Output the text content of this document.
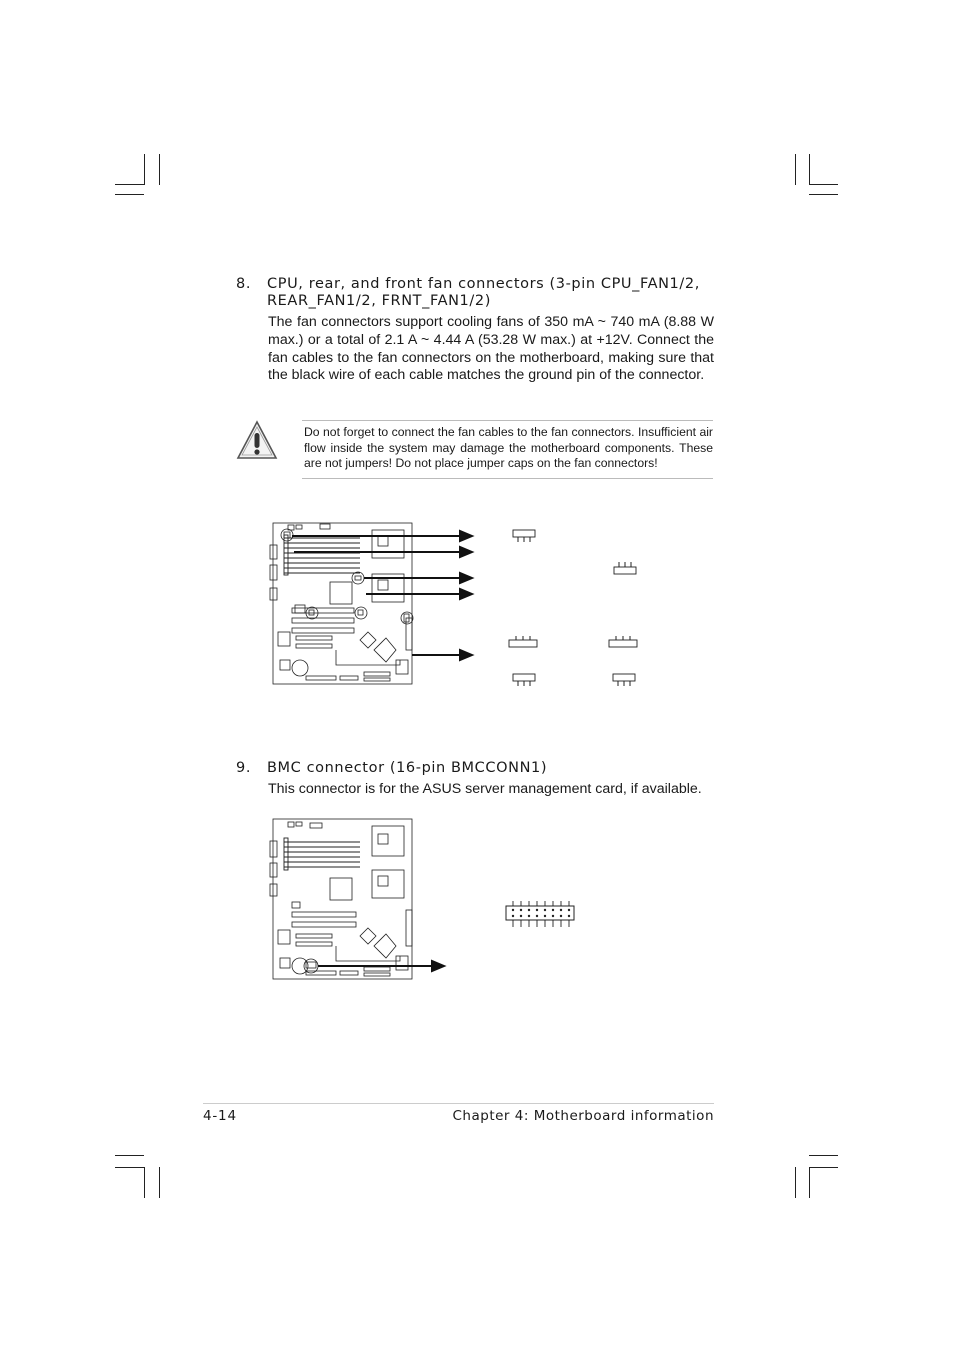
8. CPU, rear, and front fan connectors (3-pin CPU_FAN1/2,
REAR_FAN1/2, FRNT_FAN1/2)

The fan connectors support cooling fans of 350 mA ~ 740 mA (8.88 W max.) or a total of 2.1 A ~ 4.44 A (53.28 W max.) at +12V. Connect the fan cables to the fan connectors on the motherboard, making sure that the black wire of each cable matches the ground pin of the connector.

Do not forget to connect the fan cables to the fan connectors. Insufficient air flow inside the system may damage the motherboard components. These are not jumpers! Do not place jumper caps on the fan connectors!

9. BMC connector (16-pin BMCCONN1)

This connector is for the ASUS server management card, if available.

4-14	Chapter 4: Motherboard information
